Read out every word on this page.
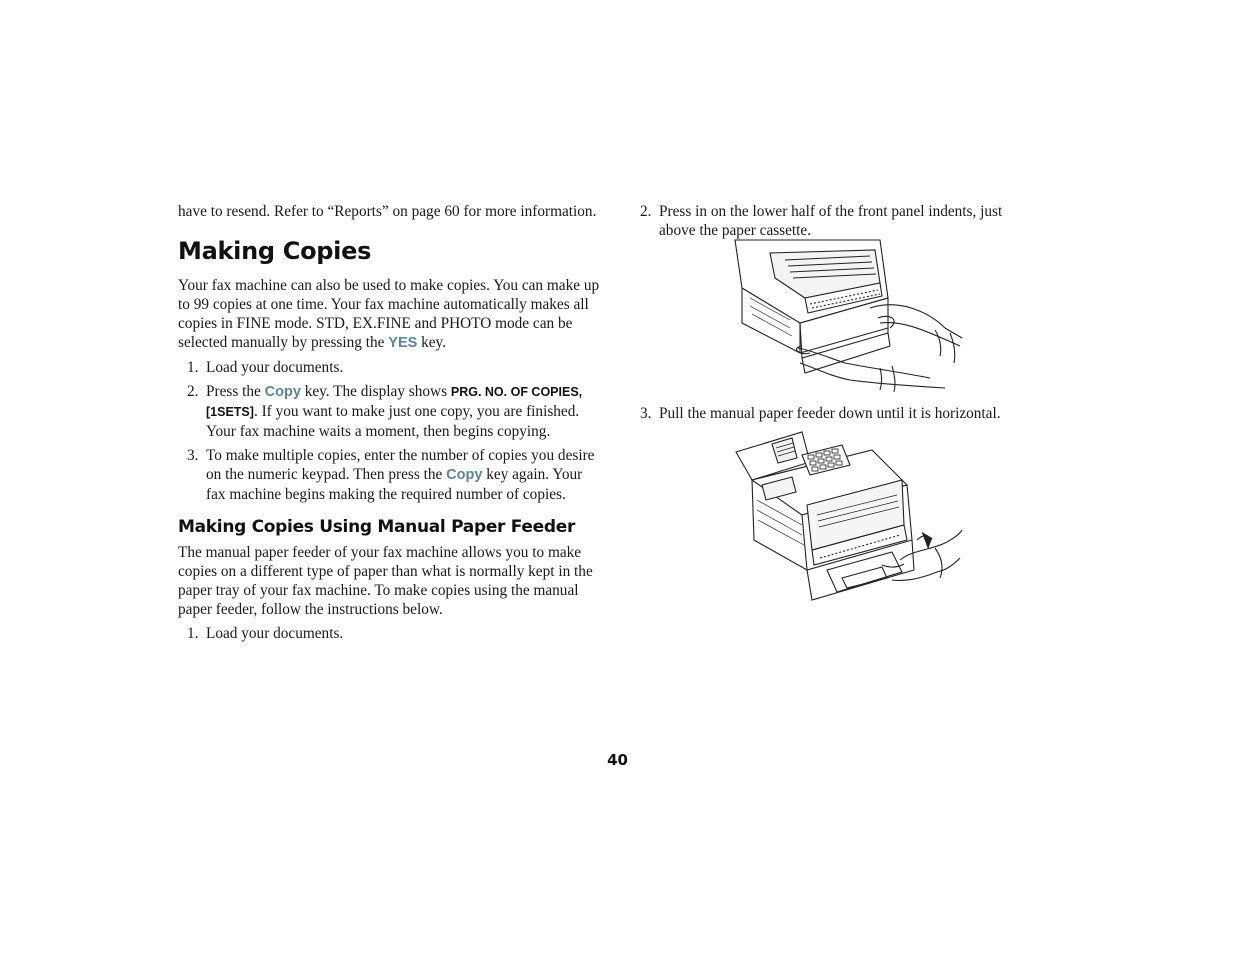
have to resend. Refer to “Reports” on page 60 for more information.

Making Copies

Your fax machine can also be used to make copies. You can make up to 99 copies at one time. Your fax machine automatically makes all copies in FINE mode. STD, EX.FINE and PHOTO mode can be selected manually by pressing the YES key.

1. Load your documents.
2. Press the Copy key. The display shows PRG. NO. OF COPIES, [1SETS]. If you want to make just one copy, you are finished. Your fax machine waits a moment, then begins copying.
3. To make multiple copies, enter the number of copies you desire on the numeric keypad. Then press the Copy key again. Your fax machine begins making the required number of copies.
Making Copies Using Manual Paper Feeder

The manual paper feeder of your fax machine allows you to make copies on a different type of paper than what is normally kept in the paper tray of your fax machine. To make copies using the manual paper feeder, follow the instructions below.

1. Load your documents.
2. Press in on the lower half of the front panel indents, just above the paper cassette.
3. Pull the manual paper feeder down until it is horizontal.
40
